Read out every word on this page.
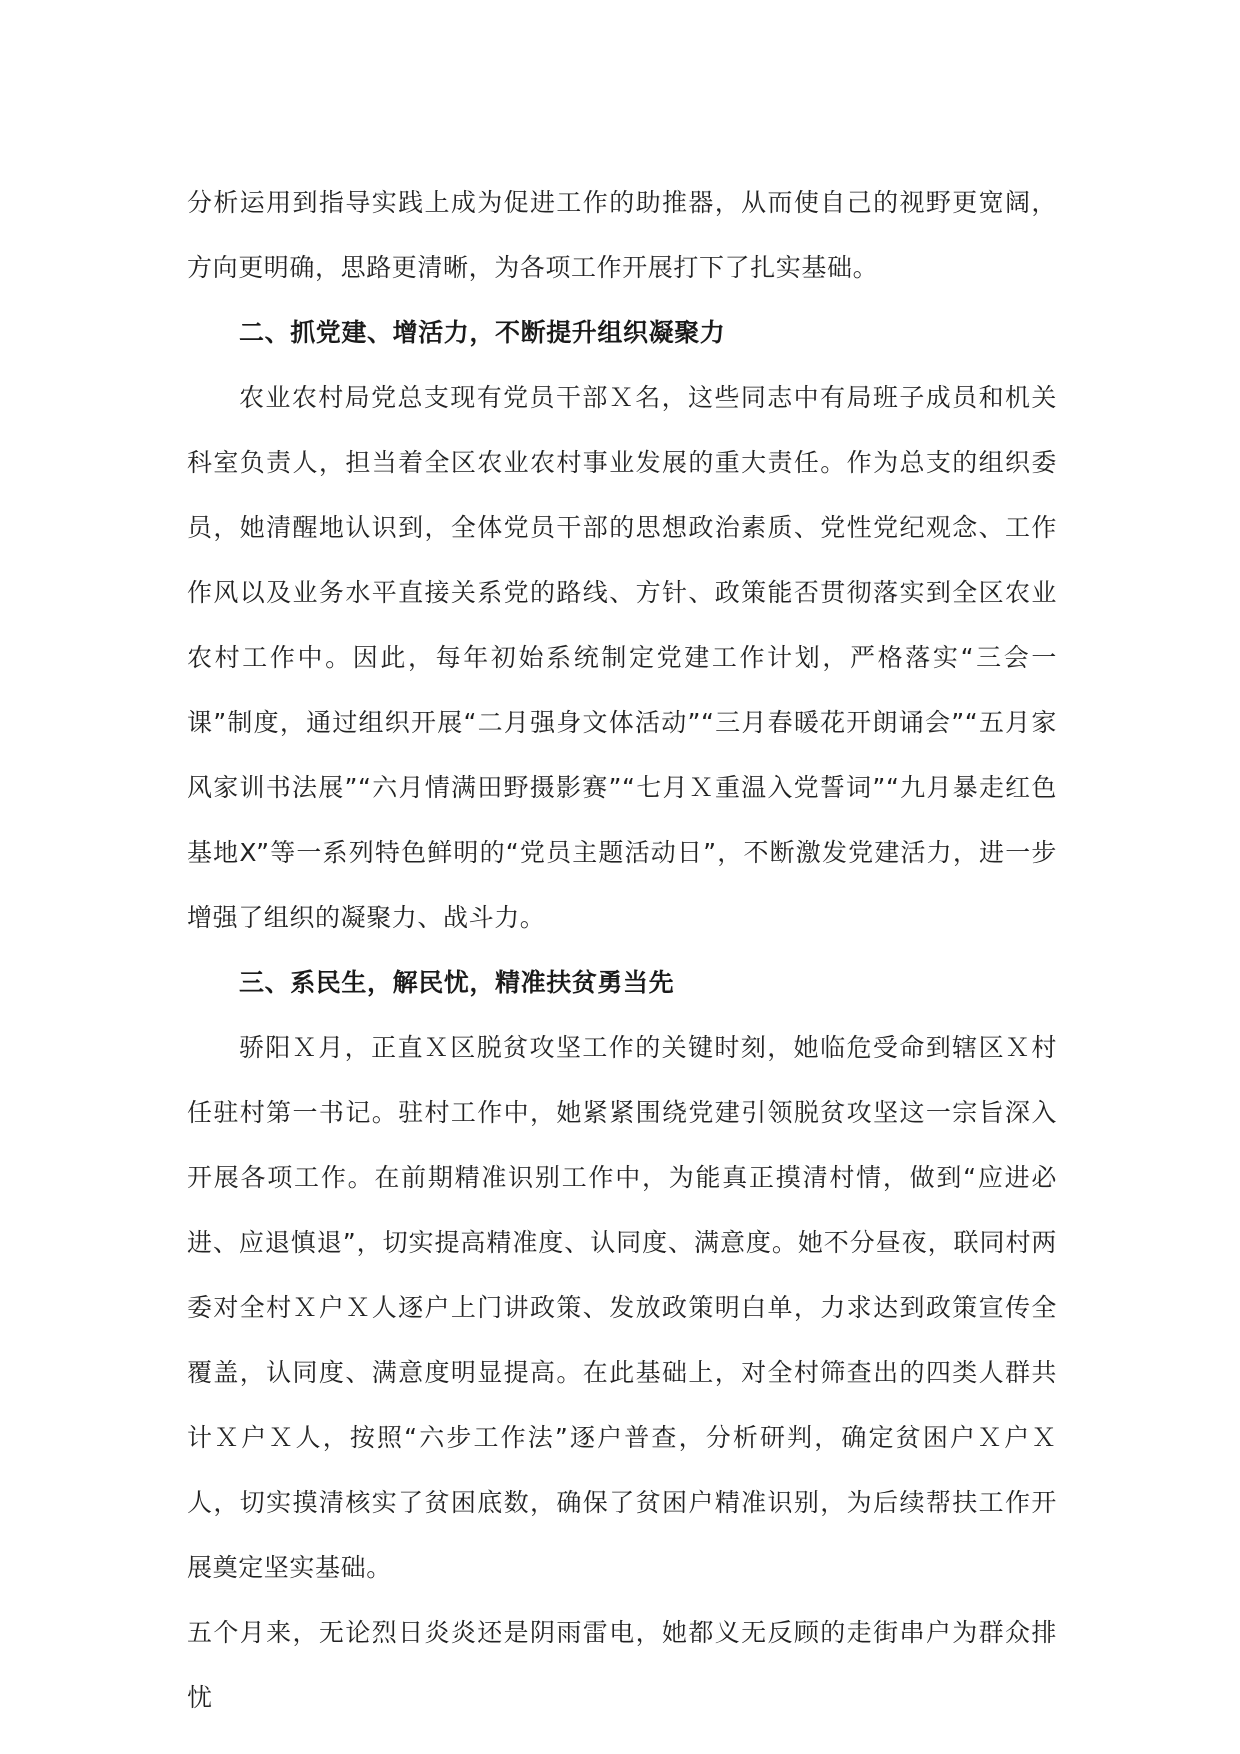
分析运用到指导实践上成为促进工作的助推器，从而使自己的视野更宽阔，方向更明确，思路更清晰，为各项工作开展打下了扎实基础。

二、抓党建、增活力，不断提升组织凝聚力

农业农村局党总支现有党员干部Ｘ名，这些同志中有局班子成员和机关科室负责人，担当着全区农业农村事业发展的重大责任。作为总支的组织委员，她清醒地认识到，全体党员干部的思想政治素质、党性党纪观念、工作作风以及业务水平直接关系党的路线、方针、政策能否贯彻落实到全区农业农村工作中。因此，每年初始系统制定党建工作计划，严格落实“三会一课”制度，通过组织开展“二月强身文体活动”“三月春暖花开朗诵会”“五月家风家训书法展”“六月情满田野摄影赛”“七月Ｘ重温入党誓词”“九月暴走红色基地X”等一系列特色鲜明的“党员主题活动日”，不断激发党建活力，进一步增强了组织的凝聚力、战斗力。

三、系民生，解民忧，精准扶贫勇当先

骄阳Ｘ月，正直Ｘ区脱贫攻坚工作的关键时刻，她临危受命到辖区Ｘ村任驻村第一书记。驻村工作中，她紧紧围绕党建引领脱贫攻坚这一宗旨深入开展各项工作。在前期精准识别工作中，为能真正摸清村情，做到“应进必进、应退慎退”，切实提高精准度、认同度、满意度。她不分昼夜，联同村两委对全村Ｘ户Ｘ人逐户上门讲政策、发放政策明白单，力求达到政策宣传全覆盖，认同度、满意度明显提高。在此基础上，对全村筛查出的四类人群共计Ｘ户Ｘ人，按照“六步工作法”逐户普查，分析研判，确定贫困户Ｘ户Ｘ人，切实摸清核实了贫困底数，确保了贫困户精准识别，为后续帮扶工作开展奠定坚实基础。

五个月来，无论烈日炎炎还是阴雨雷电，她都义无反顾的走街串户为群众排忧
